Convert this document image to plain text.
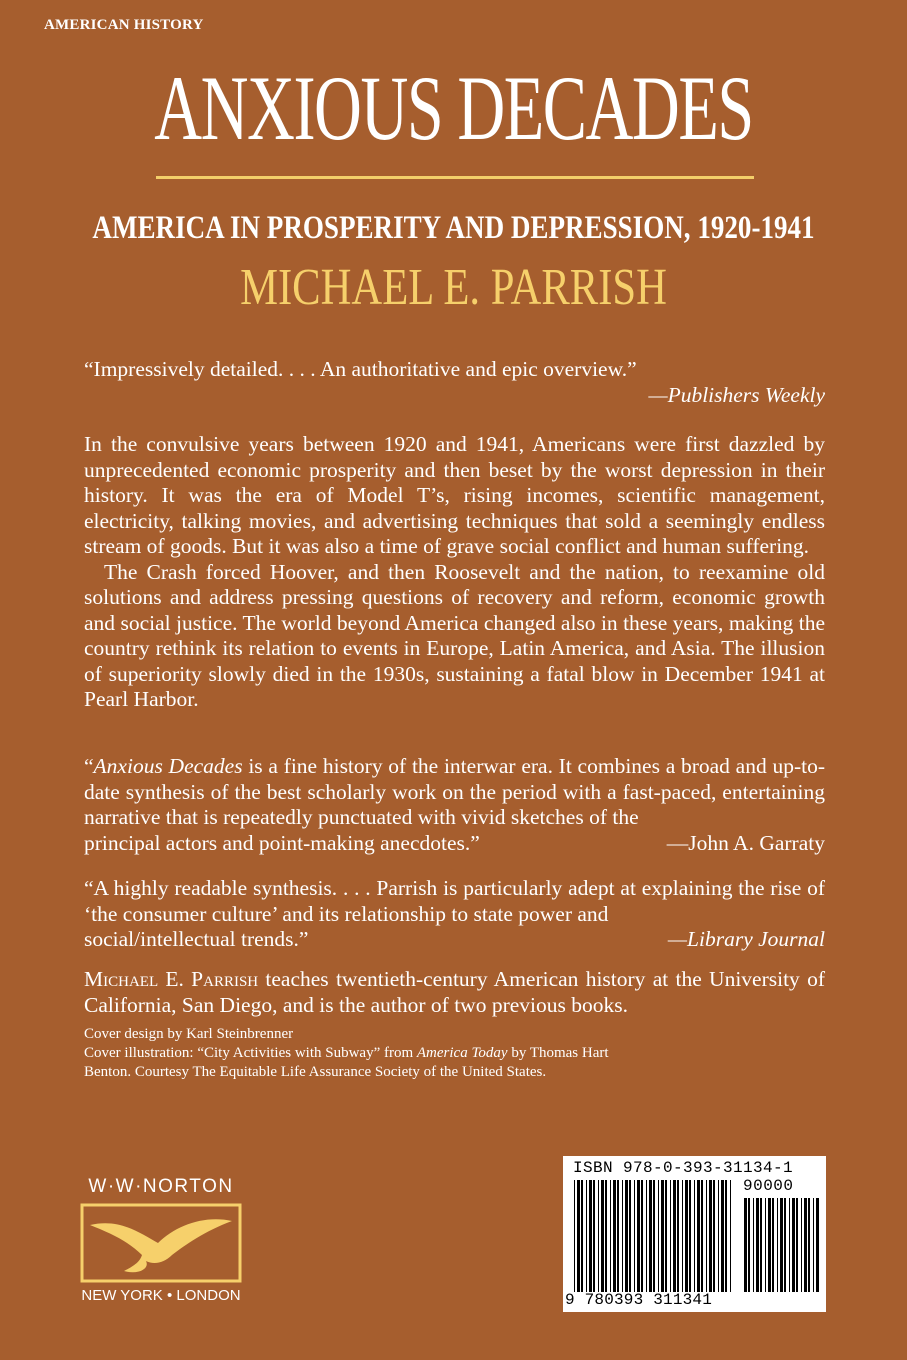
AMERICAN HISTORY
ANXIOUS DECADES
AMERICA IN PROSPERITY AND DEPRESSION, 1920-1941
MICHAEL E. PARRISH
“Impressively detailed. . . . An authoritative and epic overview.”
—Publishers Weekly

In the convulsive years between 1920 and 1941, Americans were first dazzled by unprecedented economic prosperity and then beset by the worst depression in their history. It was the era of Model T’s, rising incomes, scientific management, electricity, talking movies, and advertising techniques that sold a seemingly endless stream of goods. But it was also a time of grave social conflict and human suffering.

The Crash forced Hoover, and then Roosevelt and the nation, to reexamine old solutions and address pressing questions of recovery and reform, economic growth and social justice. The world beyond America changed also in these years, making the country rethink its relation to events in Europe, Latin America, and Asia. The illusion of superiority slowly died in the 1930s, sustaining a fatal blow in December 1941 at Pearl Harbor.

“Anxious Decades is a fine history of the interwar era. It combines a broad and up-to-date synthesis of the best scholarly work on the period with a fast-paced, entertaining narrative that is repeatedly punctuated with vivid sketches of the

principal actors and point-making anecdotes.”	—John A. Garraty

“A highly readable synthesis. . . . Parrish is particularly adept at explaining the rise of ‘the consumer culture’ and its relationship to state power and

social/intellectual trends.”	—Library Journal
Michael E. Parrish teaches twentieth-century American history at the University of California, San Diego, and is the author of two previous books.
Cover design by Karl Steinbrenner
Cover illustration: “City Activities with Subway” from America Today by Thomas Hart Benton. Courtesy The Equitable Life Assurance Society of the United States.
W·W·NORTON
NEW YORK • LONDON
ISBN 978-0-393-31134-1
90000
9 780393 311341
